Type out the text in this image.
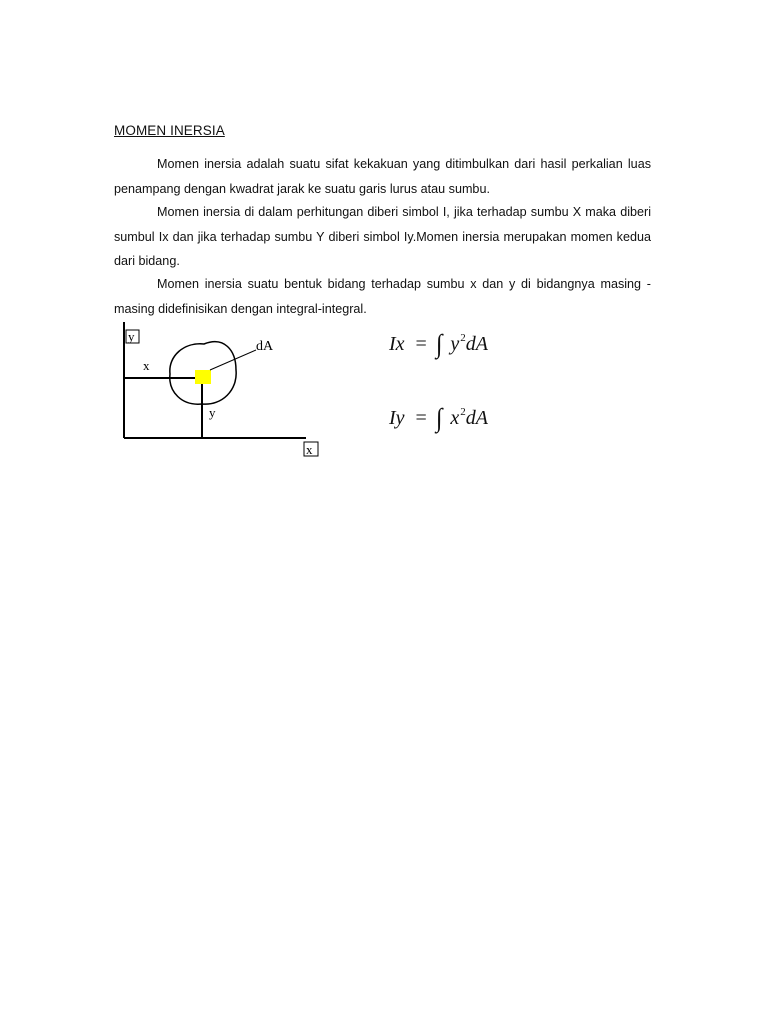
MOMEN INERSIA

Momen inersia adalah suatu sifat kekakuan yang ditimbulkan dari hasil perkalian luas penampang dengan kwadrat jarak ke suatu garis lurus atau sumbu.

Momen inersia di dalam perhitungan diberi simbol I, jika terhadap sumbu X maka diberi sumbul Ix dan jika terhadap sumbu Y diberi simbol Iy.Momen inersia merupakan momen kedua dari bidang.

Momen inersia suatu bentuk bidang terhadap sumbu x dan y di bidangnya masing - masing didefinisikan dengan integral-integral.

y
x
dA
x
y
Ix = ∫ $y^2dA$
Iy = ∫ $x^2dA$
